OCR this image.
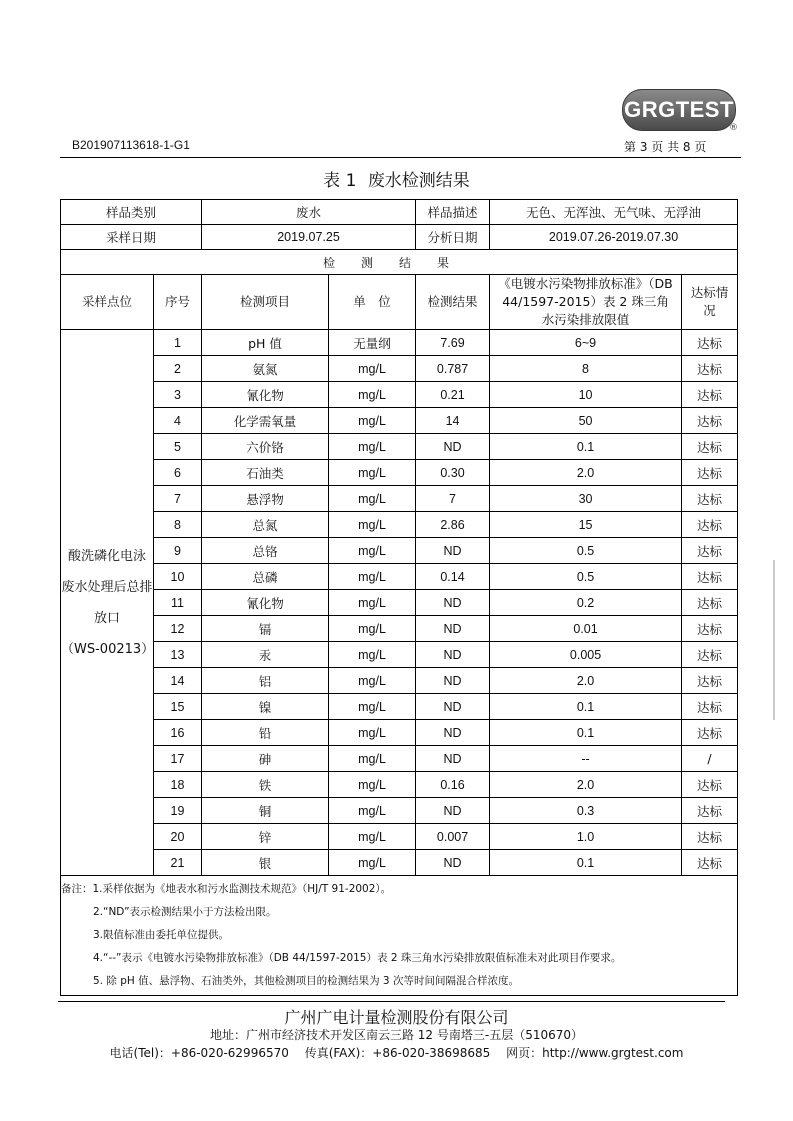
GRGTEST
®
B201907113618-1-G1	第 3 页 共 8 页
表 1 废水检测结果
样品类别		废水		样品描述	无色、无浑浊、无气味、无浮油	
采样日期		2019.07.25		分析日期	2019.07.26-2019.07.30	
检测结果						
采样点位	序号	检测项目	单　位	检测结果	《电镀水污染物排放标准》（DB 44/1597-2015）表 2 珠三角水污染排放限值	达标情况

酸洗磷化电泳
废水处理后总排
放口
（WS-00213）	1	pH 值	无量纲	7.69	6~9	达标
	2	氨氮	mg/L	0.787	8	达标
	3	氰化物	mg/L	0.21	10	达标
	4	化学需氧量	mg/L	14	50	达标
	5	六价铬	mg/L	ND	0.1	达标
	6	石油类	mg/L	0.30	2.0	达标
	7	悬浮物	mg/L	7	30	达标
	8	总氮	mg/L	2.86	15	达标
	9	总铬	mg/L	ND	0.5	达标
	10	总磷	mg/L	0.14	0.5	达标
	11	氰化物	mg/L	ND	0.2	达标
	12	镉	mg/L	ND	0.01	达标
	13	汞	mg/L	ND	0.005	达标
	14	铝	mg/L	ND	2.0	达标
	15	镍	mg/L	ND	0.1	达标
	16	铅	mg/L	ND	0.1	达标
	17	砷	mg/L	ND	--	/
	18	铁	mg/L	0.16	2.0	达标
	19	铜	mg/L	ND	0.3	达标
	20	锌	mg/L	0.007	1.0	达标
	21	银	mg/L	ND	0.1	达标

备注：1.采样依据为《地表水和污水监测技术规范》（HJ/T 91-2002）。
2.“ND”表示检测结果小于方法检出限。
3.限值标准由委托单位提供。
4.“--”表示《电镀水污染物排放标准》（DB 44/1597-2015）表 2 珠三角水污染排放限值标准未对此项目作要求。
5. 除 pH 值、悬浮物、石油类外，其他检测项目的检测结果为 3 次等时间间隔混合样浓度。						
广州广电计量检测股份有限公司
地址：广州市经济技术开发区南云三路 12 号南塔三-五层（510670）
电话(Tel)：+86-020-62996570 传真(FAX)：+86-020-38698685 网页：http://www.grgtest.com
